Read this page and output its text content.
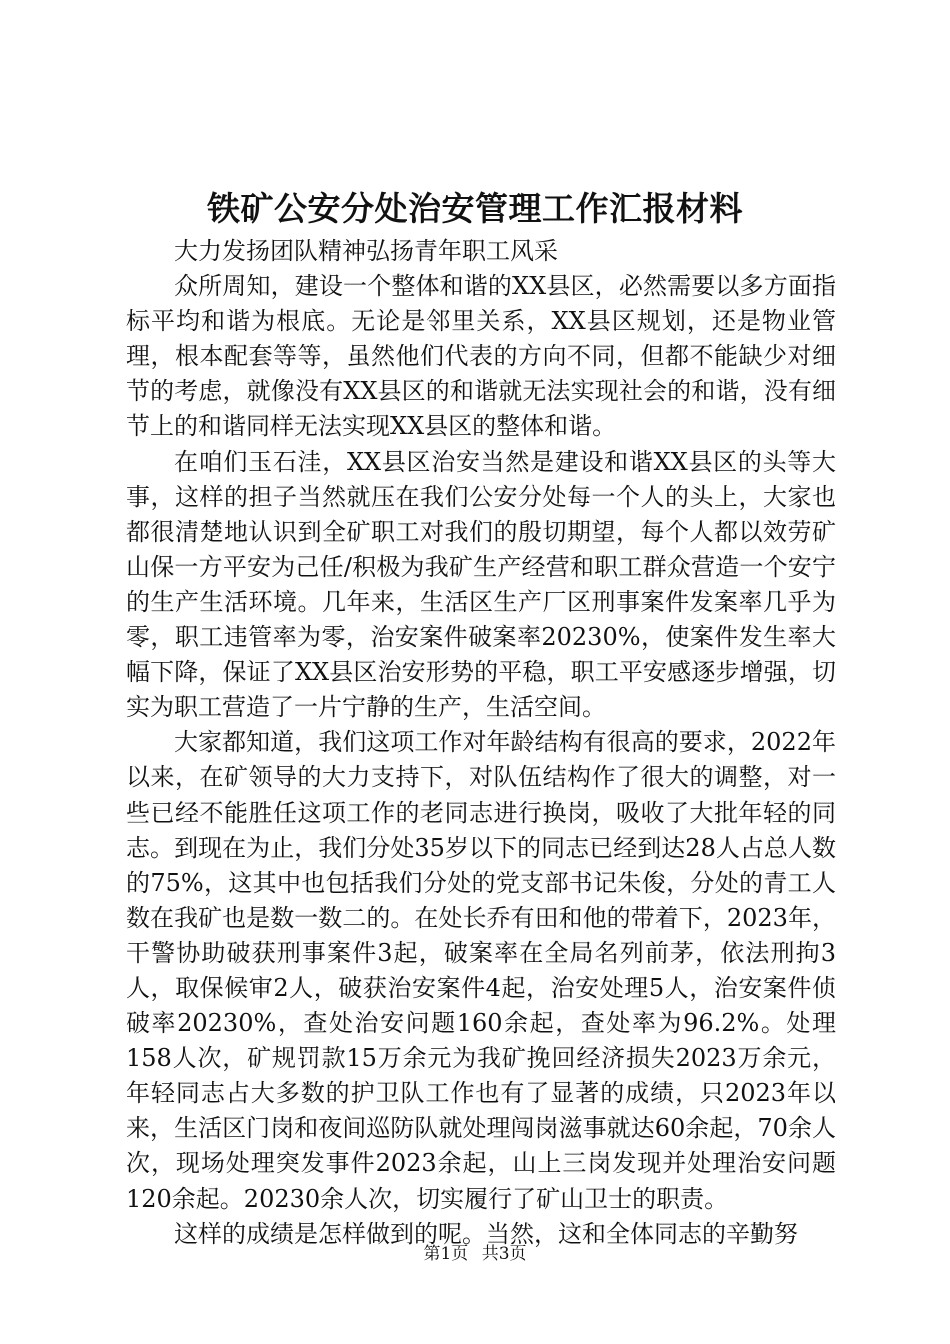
铁矿公安分处治安管理工作汇报材料

大力发扬团队精神弘扬青年职工风采

众所周知，建设一个整体和谐的XX县区，必然需要以多方面指标平均和谐为根底。无论是邻里关系，XX县区规划，还是物业管理，根本配套等等，虽然他们代表的方向不同，但都不能缺少对细节的考虑，就像没有XX县区的和谐就无法实现社会的和谐，没有细节上的和谐同样无法实现XX县区的整体和谐。

在咱们玉石洼，XX县区治安当然是建设和谐XX县区的头等大事，这样的担子当然就压在我们公安分处每一个人的头上，大家也都很清楚地认识到全矿职工对我们的殷切期望，每个人都以效劳矿山保一方平安为己任/积极为我矿生产经营和职工群众营造一个安宁的生产生活环境。几年来，生活区生产厂区刑事案件发案率几乎为零，职工违管率为零，治安案件破案率20230%，使案件发生率大幅下降，保证了XX县区治安形势的平稳，职工平安感逐步增强，切实为职工营造了一片宁静的生产，生活空间。

大家都知道，我们这项工作对年龄结构有很高的要求，2022年以来，在矿领导的大力支持下，对队伍结构作了很大的调整，对一些已经不能胜任这项工作的老同志进行换岗，吸收了大批年轻的同志。到现在为止，我们分处35岁以下的同志已经到达28人占总人数的75%，这其中也包括我们分处的党支部书记朱俊，分处的青工人数在我矿也是数一数二的。在处长乔有田和他的带着下，2023年，干警协助破获刑事案件3起，破案率在全局名列前茅，依法刑拘3人，取保候审2人，破获治安案件4起，治安处理5人，治安案件侦破率20230%，查处治安问题160余起，查处率为96.2%。处理158人次，矿规罚款15万余元为我矿挽回经济损失2023万余元，年轻同志占大多数的护卫队工作也有了显著的成绩，只2023年以来，生活区门岗和夜间巡防队就处理闯岗滋事就达60余起，70余人次，现场处理突发事件2023余起，山上三岗发现并处理治安问题120余起。20230余人次，切实履行了矿山卫士的职责。

这样的成绩是怎样做到的呢。当然，这和全体同志的辛勤努

第1页 共3页
